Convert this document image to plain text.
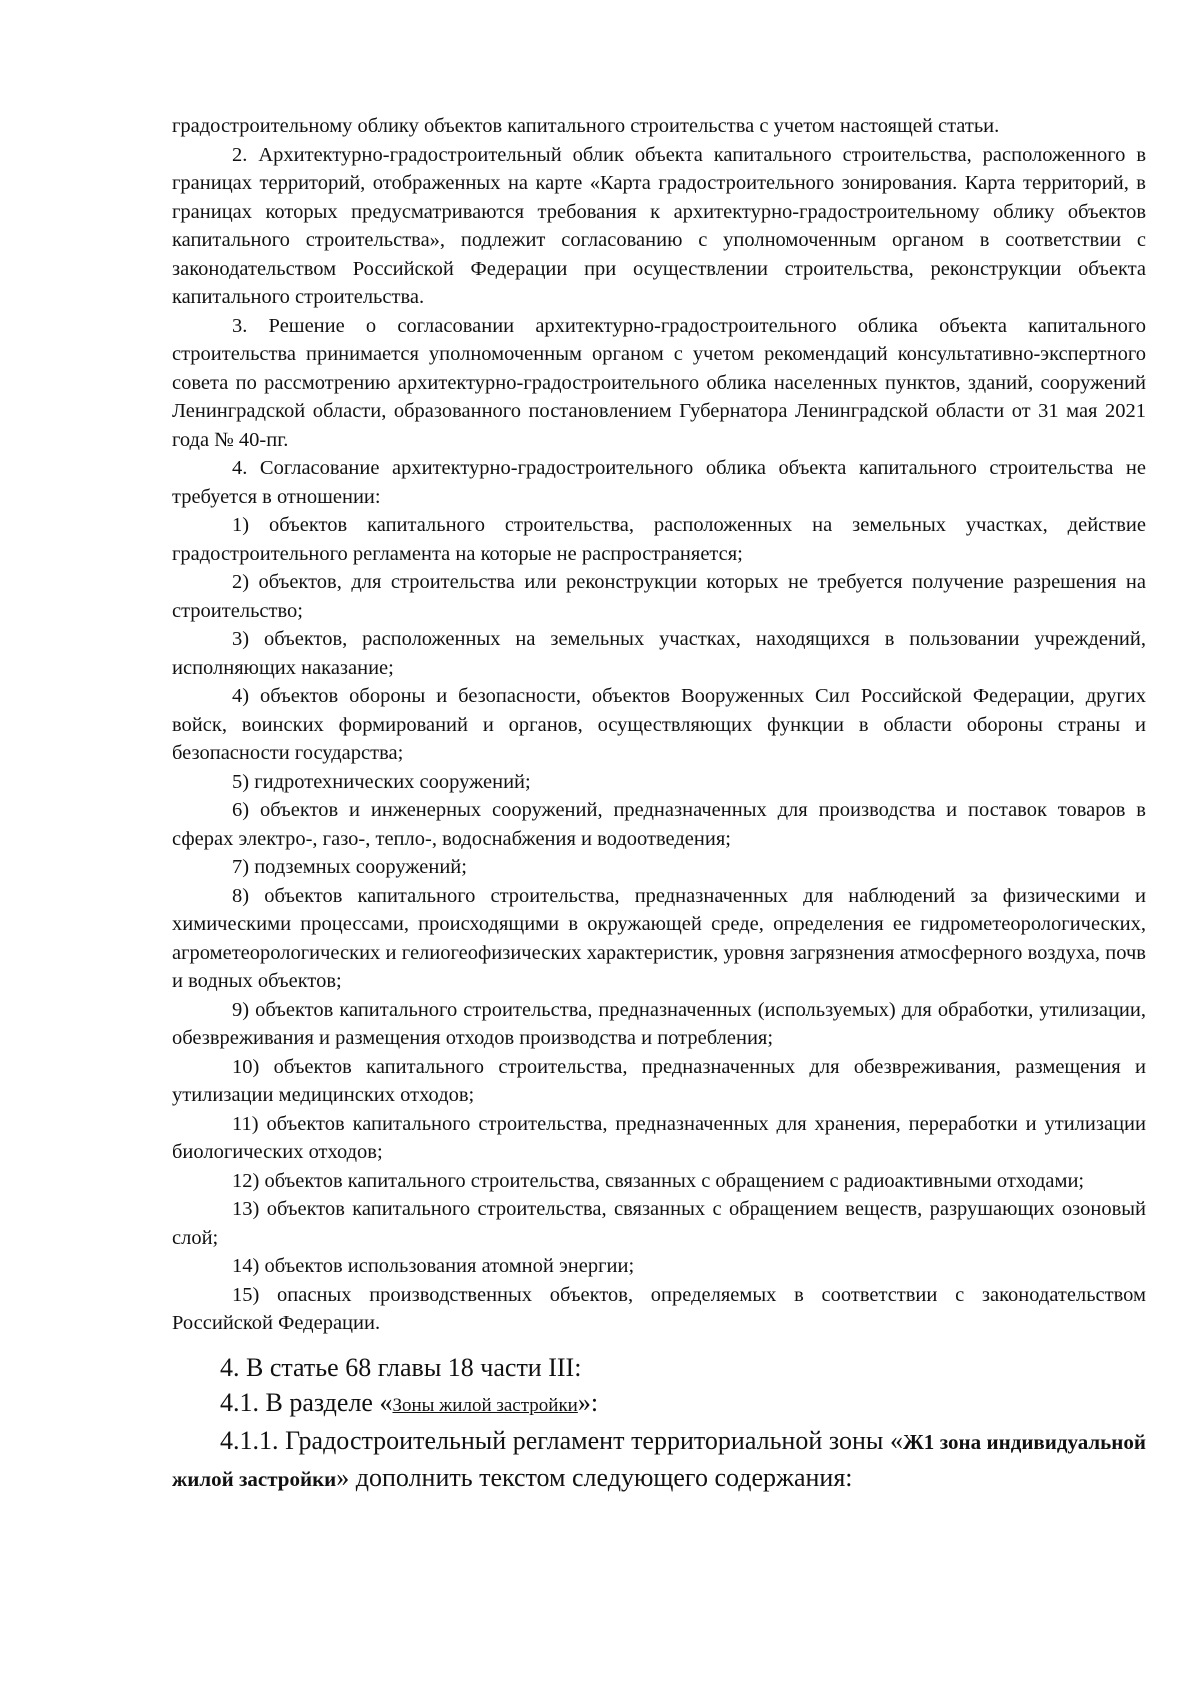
градостроительному облику объектов капитального строительства с учетом настоящей статьи.

2. Архитектурно-градостроительный облик объекта капитального строительства, расположенного в границах территорий, отображенных на карте «Карта градостроительного зонирования. Карта территорий, в границах которых предусматриваются требования к архитектурно-градостроительному облику объектов капитального строительства», подлежит согласованию с уполномоченным органом в соответствии с законодательством Российской Федерации при осуществлении строительства, реконструкции объекта капитального строительства.

3. Решение о согласовании архитектурно-градостроительного облика объекта капитального строительства принимается уполномоченным органом с учетом рекомендаций консультативно-экспертного совета по рассмотрению архитектурно-градостроительного облика населенных пунктов, зданий, сооружений Ленинградской области, образованного постановлением Губернатора Ленинградской области от 31 мая 2021 года № 40-пг.

4. Согласование архитектурно-градостроительного облика объекта капитального строительства не требуется в отношении:

1) объектов капитального строительства, расположенных на земельных участках, действие градостроительного регламента на которые не распространяется;

2) объектов, для строительства или реконструкции которых не требуется получение разрешения на строительство;

3) объектов, расположенных на земельных участках, находящихся в пользовании учреждений, исполняющих наказание;

4) объектов обороны и безопасности, объектов Вооруженных Сил Российской Федерации, других войск, воинских формирований и органов, осуществляющих функции в области обороны страны и безопасности государства;

5) гидротехнических сооружений;

6) объектов и инженерных сооружений, предназначенных для производства и поставок товаров в сферах электро-, газо-, тепло-, водоснабжения и водоотведения;

7) подземных сооружений;

8) объектов капитального строительства, предназначенных для наблюдений за физическими и химическими процессами, происходящими в окружающей среде, определения ее гидрометеорологических, агрометеорологических и гелиогеофизических характеристик, уровня загрязнения атмосферного воздуха, почв и водных объектов;

9) объектов капитального строительства, предназначенных (используемых) для обработки, утилизации, обезвреживания и размещения отходов производства и потребления;

10) объектов капитального строительства, предназначенных для обезвреживания, размещения и утилизации медицинских отходов;

11) объектов капитального строительства, предназначенных для хранения, переработки и утилизации биологических отходов;

12) объектов капитального строительства, связанных с обращением с радиоактивными отходами;

13) объектов капитального строительства, связанных с обращением веществ, разрушающих озоновый слой;

14) объектов использования атомной энергии;

15) опасных производственных объектов, определяемых в соответствии с законодательством Российской Федерации.

4. В статье 68 главы 18 части III:

4.1. В разделе «Зоны жилой застройки»:

4.1.1. Градостроительный регламент территориальной зоны «Ж1 зона индивидуальной жилой застройки» дополнить текстом следующего содержания:
